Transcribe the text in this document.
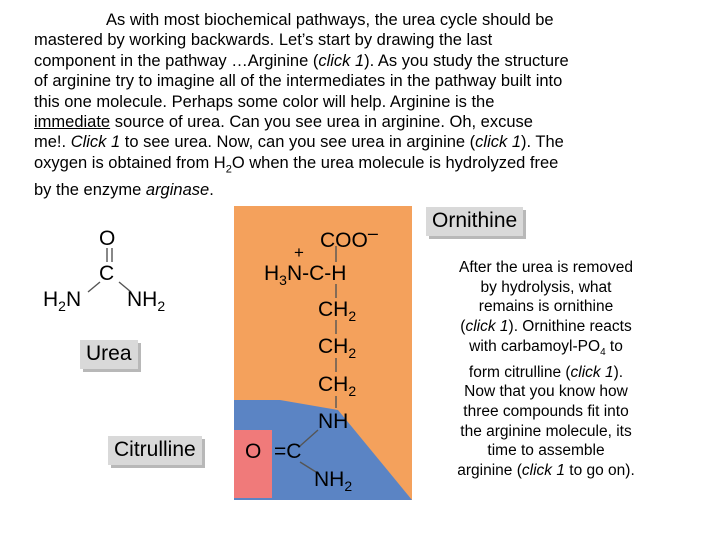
As with most biochemical pathways, the urea cycle should be
mastered by working backwards. Let’s start by drawing the last
component in the pathway …Arginine (click 1). As you study the structure
of arginine try to imagine all of the intermediates in the pathway built into
this one molecule. Perhaps some color will help. Arginine is the
immediate source of urea. Can you see urea in arginine. Oh, excuse
me!. Click 1 to see urea. Now, can you see urea in arginine (click 1). The
oxygen is obtained from $H_2O$ when the urea molecule is hydrolyzed free
by the enzyme arginase.
O
C
$H_2N$ $NH_2$
COO–
+
$H_3N-C-H$
$CH_2$
$CH_2$
$CH_2$
NH
O =C
$NH_2$
Urea
Citrulline
Ornithine
After the urea is removed
by hydrolysis, what
remains is ornithine
(click 1). Ornithine reacts
with carbamoyl-$PO_4$ to
form citrulline (click 1).
Now that you know how
three compounds fit into
the arginine molecule, its
time to assemble
arginine (click 1 to go on).
